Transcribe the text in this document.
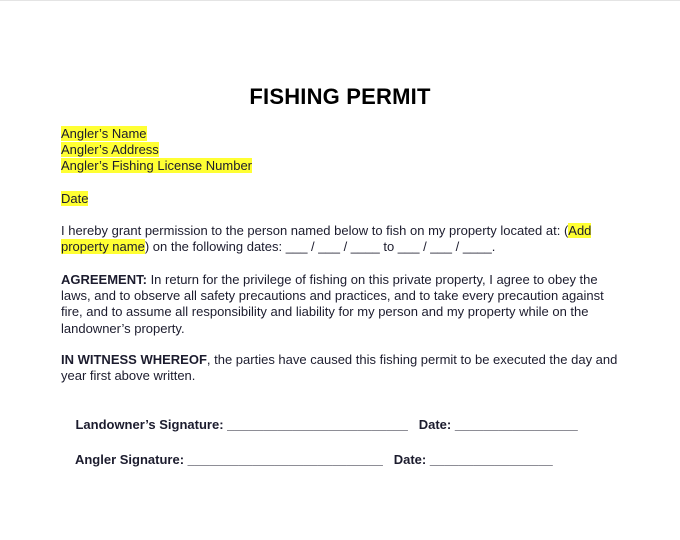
FISHING PERMIT
Angler’s Name
Angler’s Address
Angler’s Fishing License Number
Date
I hereby grant permission to the person named below to fish on my property located at: (Add property name) on the following dates: ___ / ___ / ____ to ___ / ___ / ____.
AGREEMENT: In return for the privilege of fishing on this private property, I agree to obey the laws, and to observe all safety precautions and practices, and to take every precaution against fire, and to assume all responsibility and liability for my person and my property while on the landowner’s property.
IN WITNESS WHEREOF, the parties have caused this fishing permit to be executed the day and year first above written.

Landowner’s Signature: _________________________ Date: _________________

Angler Signature: ___________________________ Date: _________________
